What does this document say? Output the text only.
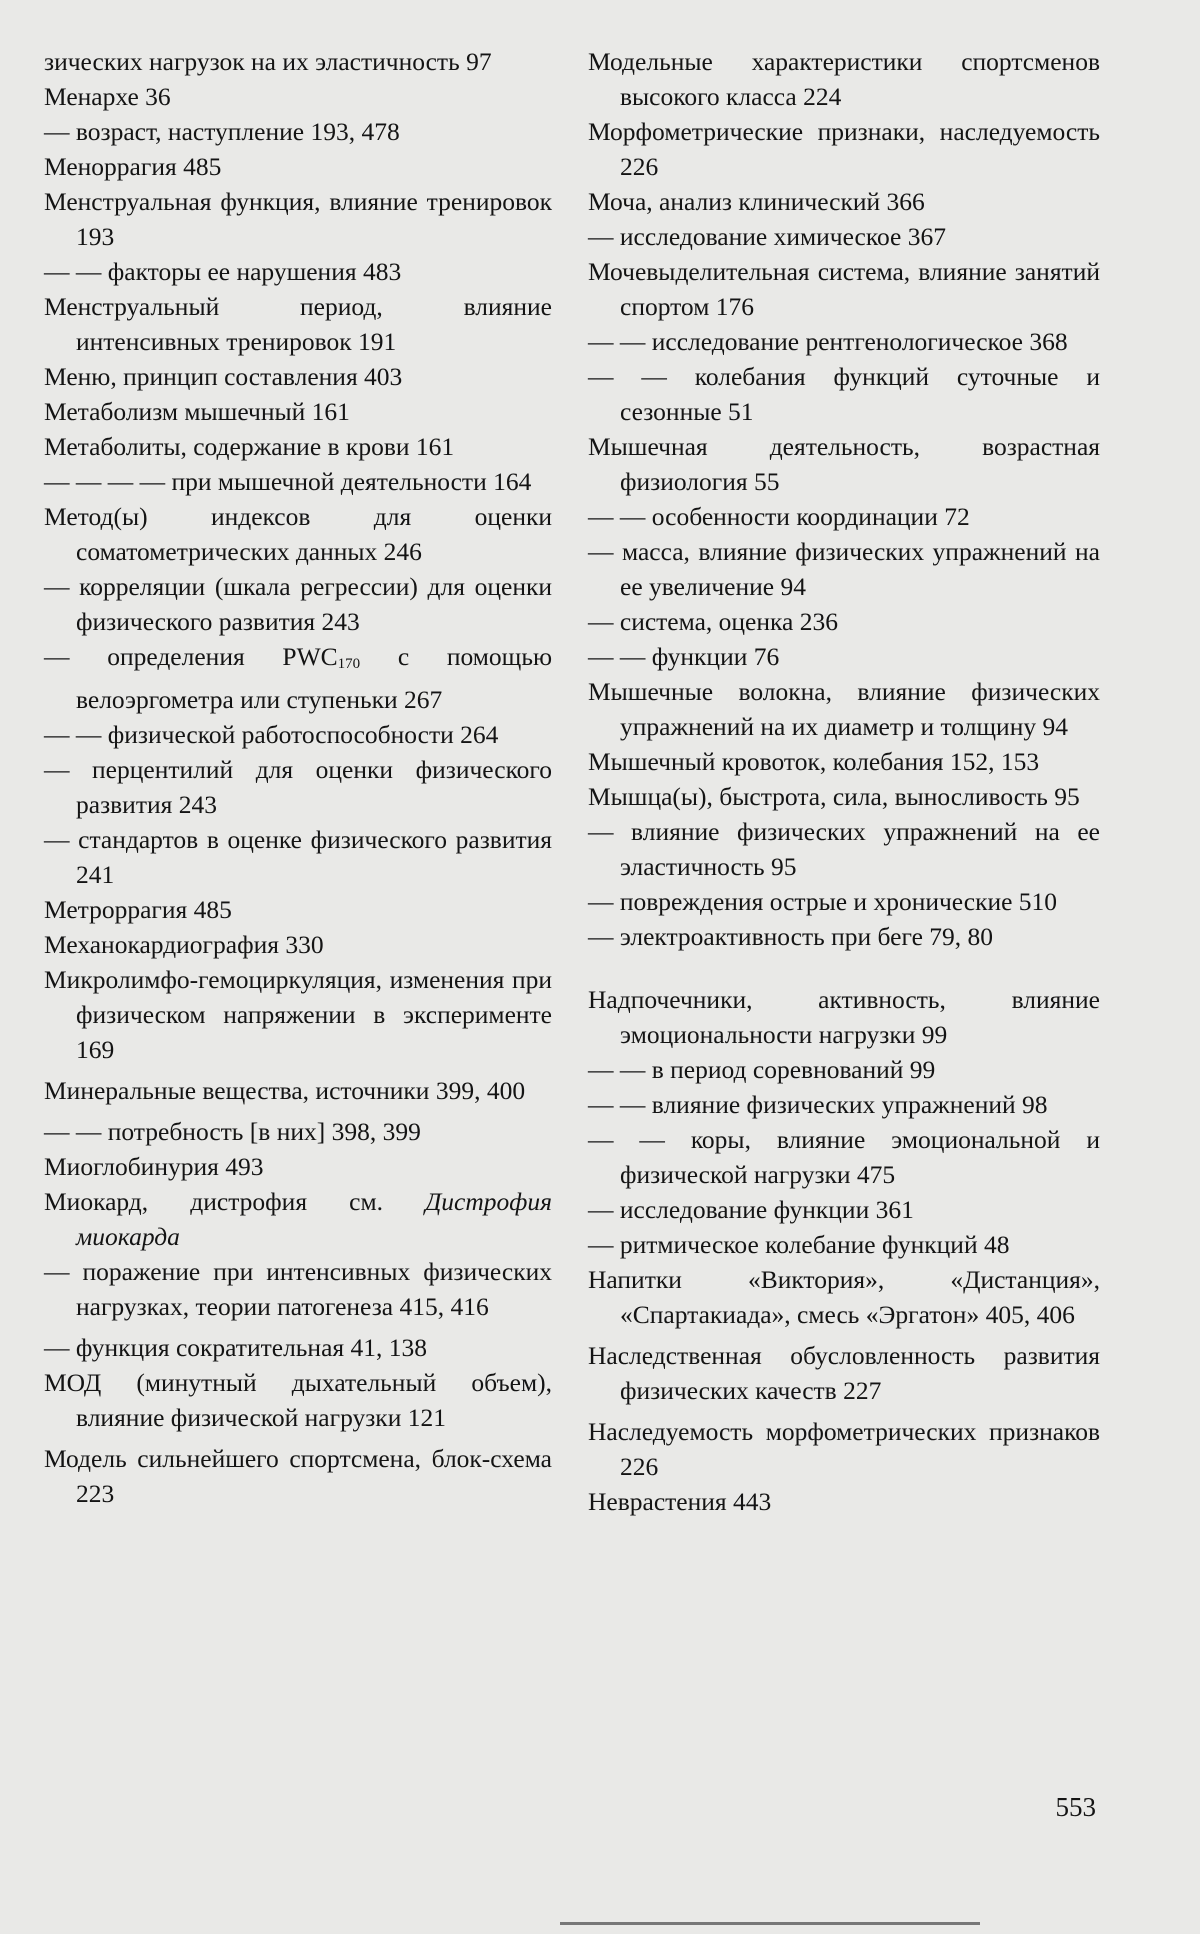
зических нагрузок на их эластичность 97

Менархе 36

— возраст, наступление 193, 478

Меноррагия 485

Менструальная функция, влияние тренировок 193

— — факторы ее нарушения 483

Менструальный период, влияние интенсивных тренировок 191

Меню, принцип составления 403

Метаболизм мышечный 161

Метаболиты, содержание в крови 161

— — — — при мышечной деятельности 164

Метод(ы) индексов для оценки соматометрических данных 246

— корреляции (шкала регрессии) для оценки физического развития 243

— определения $PWC_{170}$ с помощью велоэргометра или ступеньки 267

— — физической работоспособности 264

— перцентилий для оценки физического развития 243

— стандартов в оценке физического развития 241

Метроррагия 485

Механокардиография 330

Микролимфо-гемоциркуляция, изменения при физическом напряжении в эксперименте 169

Минеральные вещества, источники 399, 400

— — потребность [в них] 398, 399

Миоглобинурия 493

Миокард, дистрофия см. Дистрофия миокарда

— поражение при интенсивных физических нагрузках, теории патогенеза 415, 416

— функция сократительная 41, 138

МОД (минутный дыхательный объем), влияние физической нагрузки 121

Модель сильнейшего спортсмена, блок-схема 223

Модельные характеристики спортсменов высокого класса 224

Морфометрические признаки, наследуемость 226

Моча, анализ клинический 366

— исследование химическое 367

Мочевыделительная система, влияние занятий спортом 176

— — исследование рентгенологическое 368

— — колебания функций суточные и сезонные 51

Мышечная деятельность, возрастная физиология 55

— — особенности координации 72

— масса, влияние физических упражнений на ее увеличение 94

— система, оценка 236

— — функции 76

Мышечные волокна, влияние физических упражнений на их диаметр и толщину 94

Мышечный кровоток, колебания 152, 153

Мышца(ы), быстрота, сила, выносливость 95

— влияние физических упражнений на ее эластичность 95

— повреждения острые и хронические 510

— электроактивность при беге 79, 80

Надпочечники, активность, влияние эмоциональности нагрузки 99

— — в период соревнований 99

— — влияние физических упражнений 98

— — коры, влияние эмоциональной и физической нагрузки 475

— исследование функции 361

— ритмическое колебание функций 48

Напитки «Виктория», «Дистанция», «Спартакиада», смесь «Эргатон» 405, 406

Наследственная обусловленность развития физических качеств 227

Наследуемость морфометрических признаков 226

Неврастения 443

553
